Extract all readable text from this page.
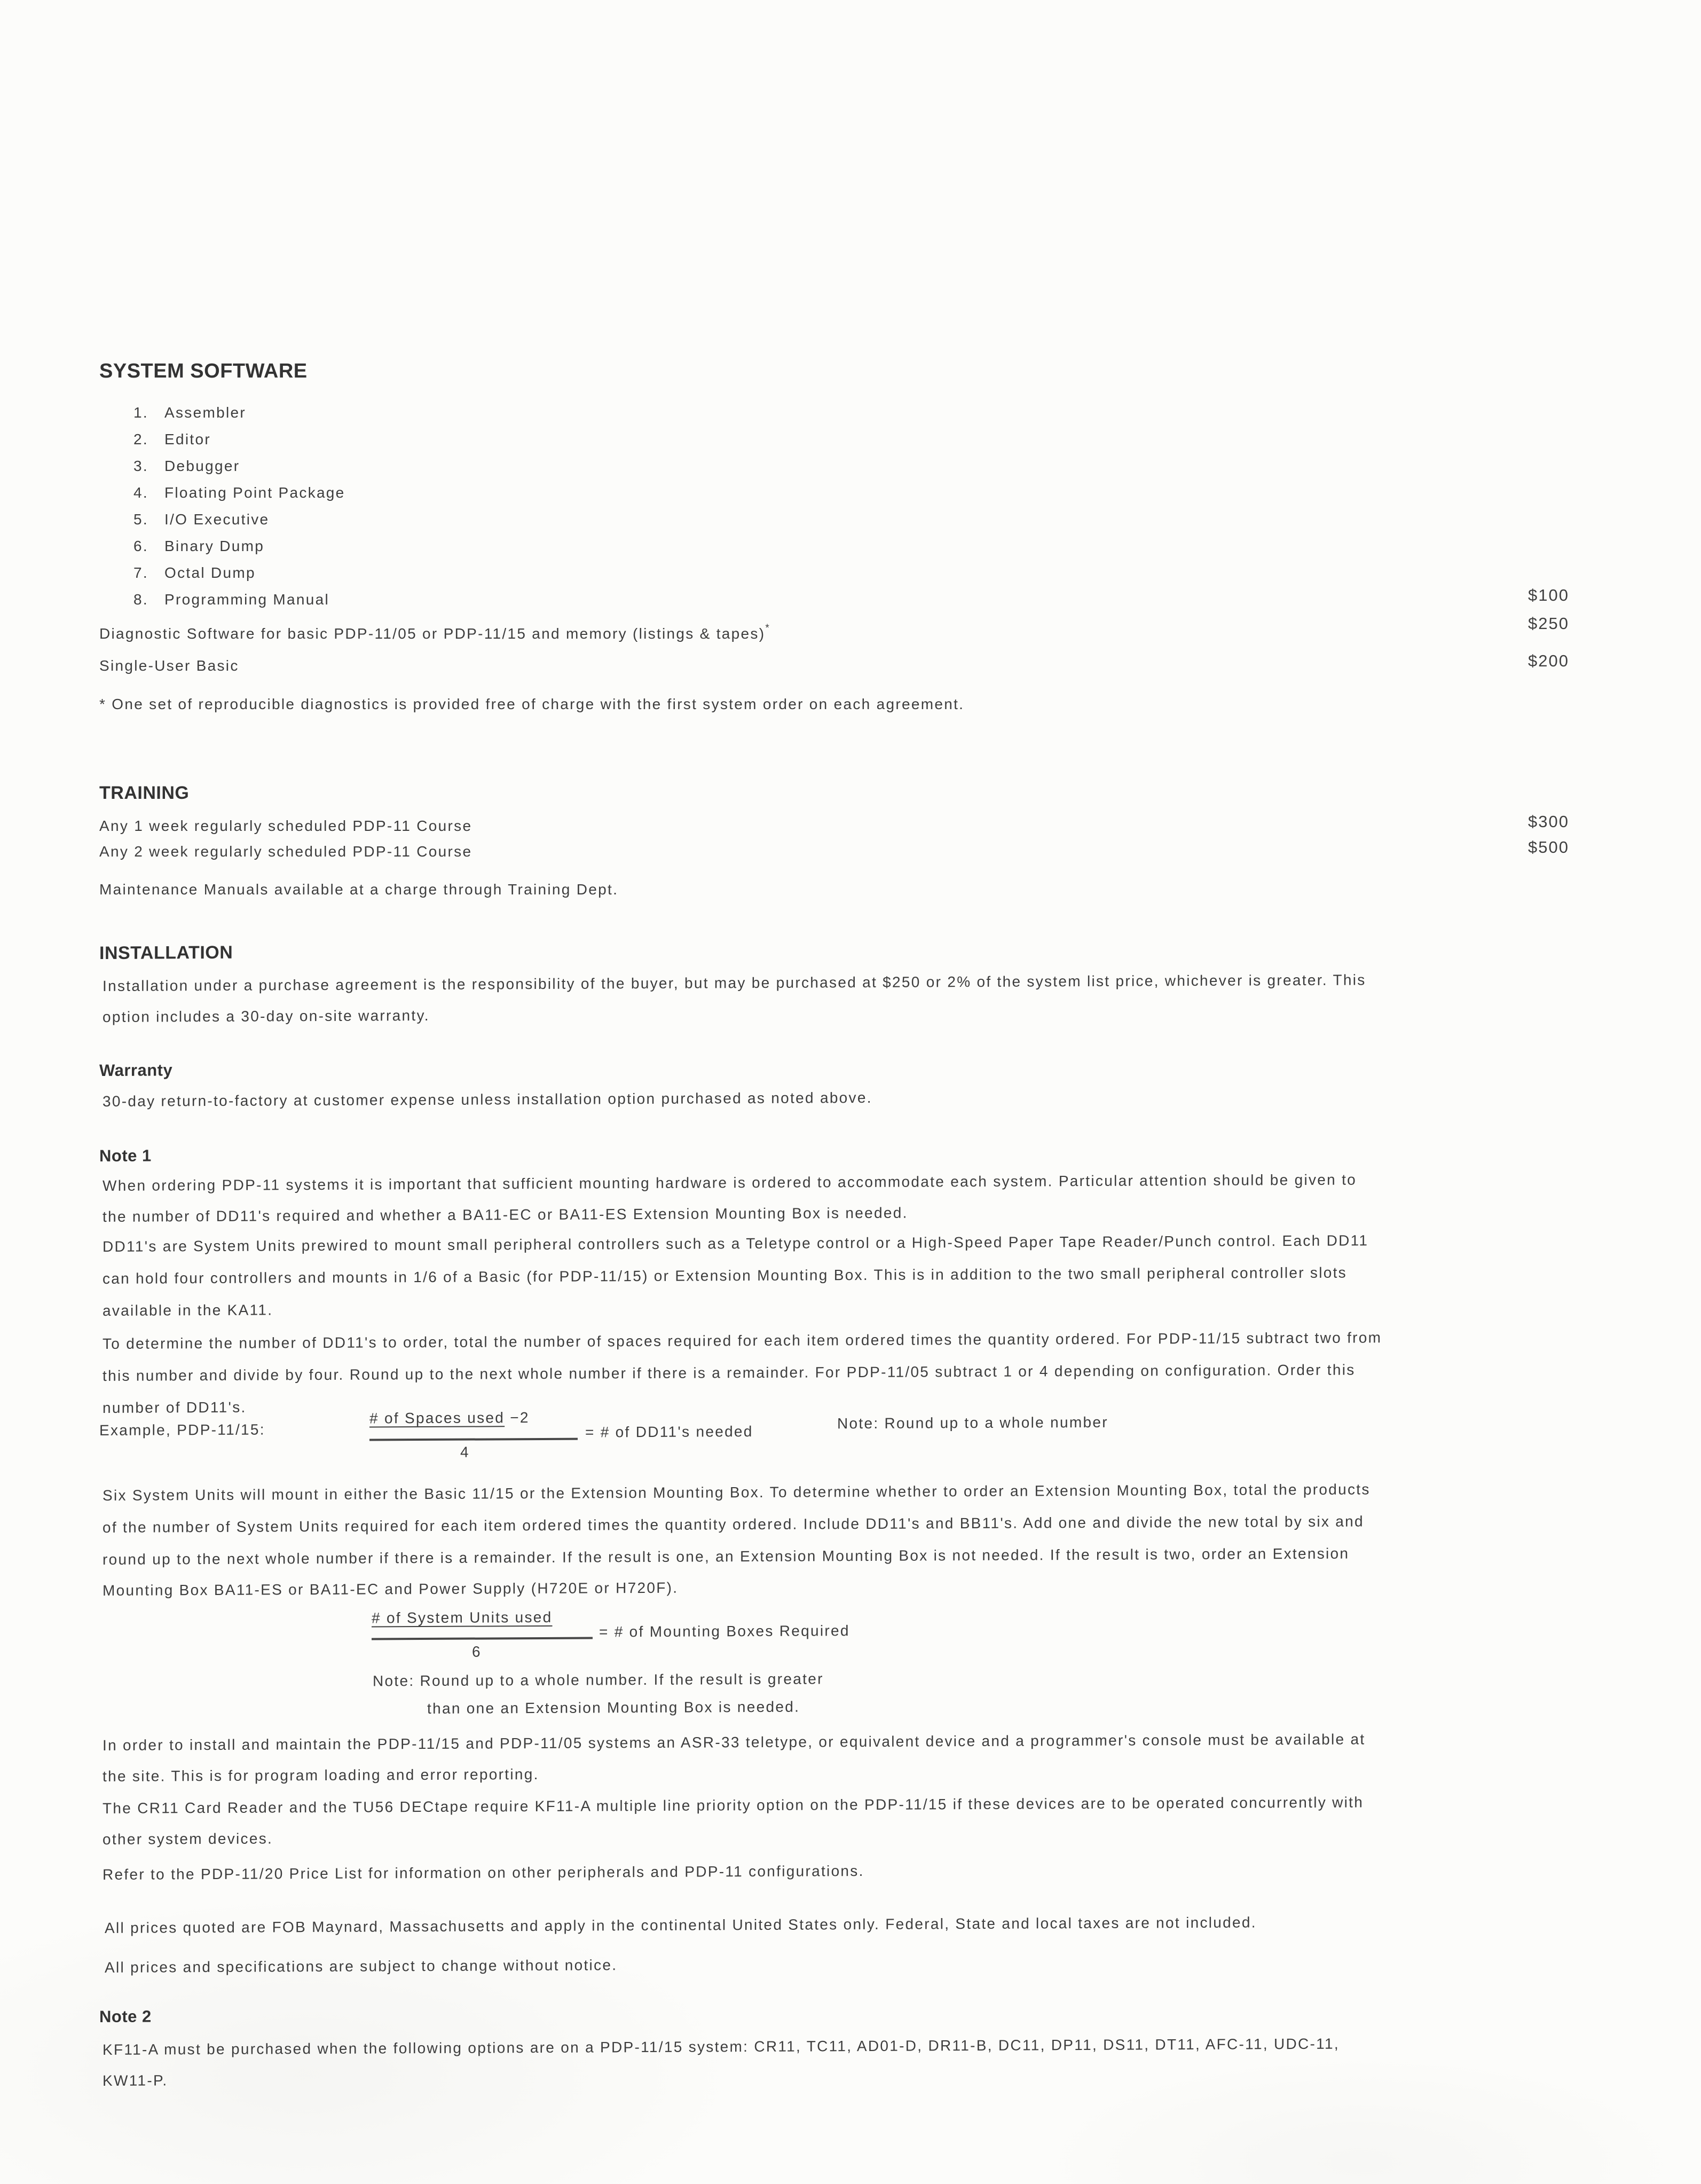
SYSTEM SOFTWARE
1. Assembler
2. Editor
3. Debugger
4. Floating Point Package
5. I/O Executive
6. Binary Dump
7. Octal Dump
8. Programming Manual	$100
Diagnostic Software for basic PDP-11/05 or PDP-11/15 and memory (listings & tapes)*	$250
Single-User Basic	$200
* One set of reproducible diagnostics is provided free of charge with the first system order on each agreement.
TRAINING
Any 1 week regularly scheduled PDP-11 Course	$300
Any 2 week regularly scheduled PDP-11 Course	$500
Maintenance Manuals available at a charge through Training Dept.
INSTALLATION
Installation under a purchase agreement is the responsibility of the buyer, but may be purchased at $250 or 2% of the system list price, whichever is greater. This
option includes a 30-day on-site warranty.
Warranty
30-day return-to-factory at customer expense unless installation option purchased as noted above.
Note 1
When ordering PDP-11 systems it is important that sufficient mounting hardware is ordered to accommodate each system. Particular attention should be given to
the number of DD11's required and whether a BA11-EC or BA11-ES Extension Mounting Box is needed.
DD11's are System Units prewired to mount small peripheral controllers such as a Teletype control or a High-Speed Paper Tape Reader/Punch control. Each DD11
can hold four controllers and mounts in 1/6 of a Basic (for PDP-11/15) or Extension Mounting Box. This is in addition to the two small peripheral controller slots
available in the KA11.
To determine the number of DD11's to order, total the number of spaces required for each item ordered times the quantity ordered. For PDP-11/15 subtract two from
this number and divide by four. Round up to the next whole number if there is a remainder. For PDP-11/05 subtract 1 or 4 depending on configuration. Order this
number of DD11's.
Example, PDP-11/15:
# of Spaces used −2
4
= # of DD11's needed
Note: Round up to a whole number
Six System Units will mount in either the Basic 11/15 or the Extension Mounting Box. To determine whether to order an Extension Mounting Box, total the products
of the number of System Units required for each item ordered times the quantity ordered. Include DD11's and BB11's. Add one and divide the new total by six and
round up to the next whole number if there is a remainder. If the result is one, an Extension Mounting Box is not needed. If the result is two, order an Extension
Mounting Box BA11-ES or BA11-EC and Power Supply (H720E or H720F).
# of System Units used
6
= # of Mounting Boxes Required
Note: Round up to a whole number. If the result is greater
than one an Extension Mounting Box is needed.
In order to install and maintain the PDP-11/15 and PDP-11/05 systems an ASR-33 teletype, or equivalent device and a programmer's console must be available at
the site. This is for program loading and error reporting.
The CR11 Card Reader and the TU56 DECtape require KF11-A multiple line priority option on the PDP-11/15 if these devices are to be operated concurrently with
other system devices.
Refer to the PDP-11/20 Price List for information on other peripherals and PDP-11 configurations.
All prices quoted are FOB Maynard, Massachusetts and apply in the continental United States only. Federal, State and local taxes are not included.
All prices and specifications are subject to change without notice.
Note 2
KF11-A must be purchased when the following options are on a PDP-11/15 system: CR11, TC11, AD01-D, DR11-B, DC11, DP11, DS11, DT11, AFC-11, UDC-11,
KW11-P.
